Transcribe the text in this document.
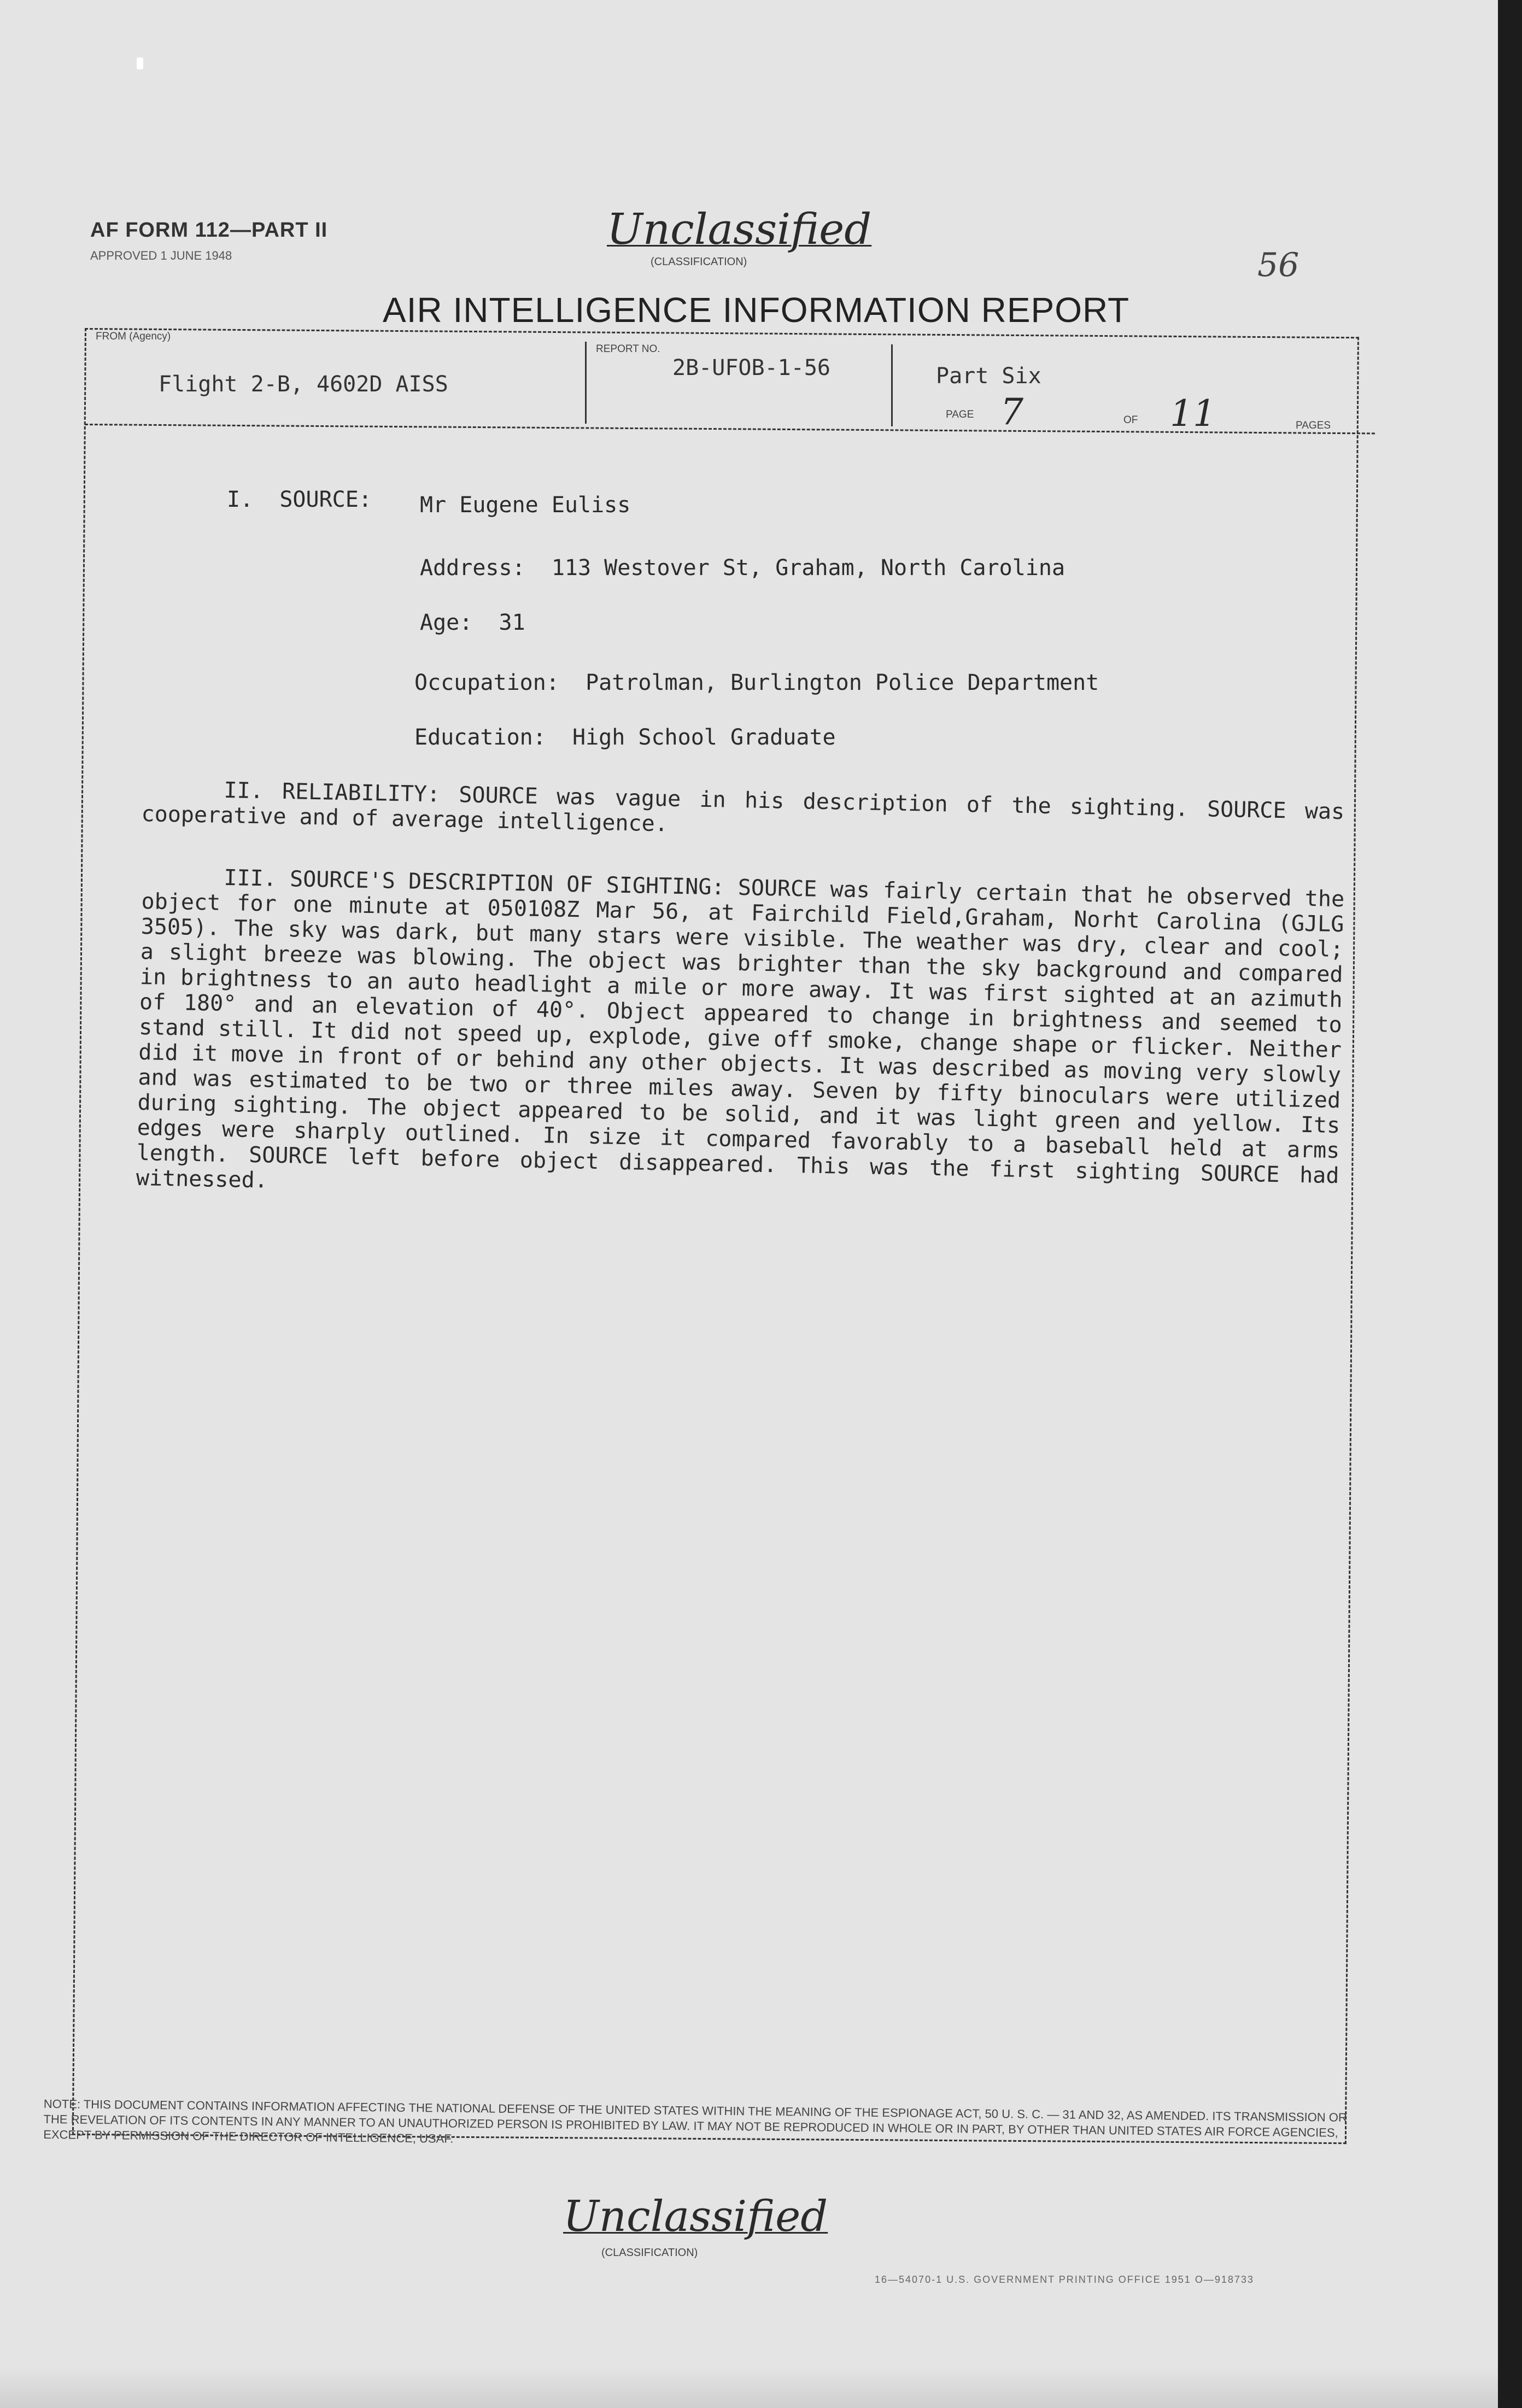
AF FORM 112—PART II
APPROVED 1 JUNE 1948
Unclassified
(CLASSIFICATION)	56
AIR INTELLIGENCE INFORMATION REPORT
FROM (Agency)
Flight 2-B, 4602D AISS
REPORT NO.
2B-UFOB-1-56	Part Six
PAGE 7	OF 11	PAGES
I.  SOURCE: Mr Eugene Euliss
Address:  113 Westover St, Graham, North Carolina
Age:  31
Occupation:  Patrolman, Burlington Police Department
Education:  High School Graduate

II. RELIABILITY: SOURCE was vague in his description of the sighting. SOURCE was cooperative and of average intelligence.

III. SOURCE'S DESCRIPTION OF SIGHTING: SOURCE was fairly certain that he observed the object for one minute at 050108Z Mar 56, at Fairchild Field,Graham, Norht Carolina (GJLG 3505). The sky was dark, but many stars were visible. The weather was dry, clear and cool; a slight breeze was blowing. The object was brighter than the sky background and compared in brightness to an auto headlight a mile or more away. It was first sighted at an azimuth of 180° and an elevation of 40°. Object appeared to change in brightness and seemed to stand still. It did not speed up, explode, give off smoke, change shape or flicker. Neither did it move in front of or behind any other objects. It was described as moving very slowly and was estimated to be two or three miles away. Seven by fifty binoculars were utilized during sighting. The object appeared to be solid, and it was light green and yellow. Its edges were sharply outlined. In size it compared favorably to a baseball held at arms length. SOURCE left before object disappeared. This was the first sighting SOURCE had witnessed.

NOTE: THIS DOCUMENT CONTAINS INFORMATION AFFECTING THE NATIONAL DEFENSE OF THE UNITED STATES WITHIN THE MEANING OF THE ESPIONAGE ACT, 50 U. S. C. — 31 AND 32, AS AMENDED. ITS TRANSMISSION OR THE REVELATION OF ITS CONTENTS IN ANY MANNER TO AN UNAUTHORIZED PERSON IS PROHIBITED BY LAW. IT MAY NOT BE REPRODUCED IN WHOLE OR IN PART, BY OTHER THAN UNITED STATES AIR FORCE AGENCIES, EXCEPT BY PERMISSION OF THE DIRECTOR OF INTELLIGENCE, USAF.
Unclassified
(CLASSIFICATION)
16—54070-1 U.S. GOVERNMENT PRINTING OFFICE 1951 O—918733
